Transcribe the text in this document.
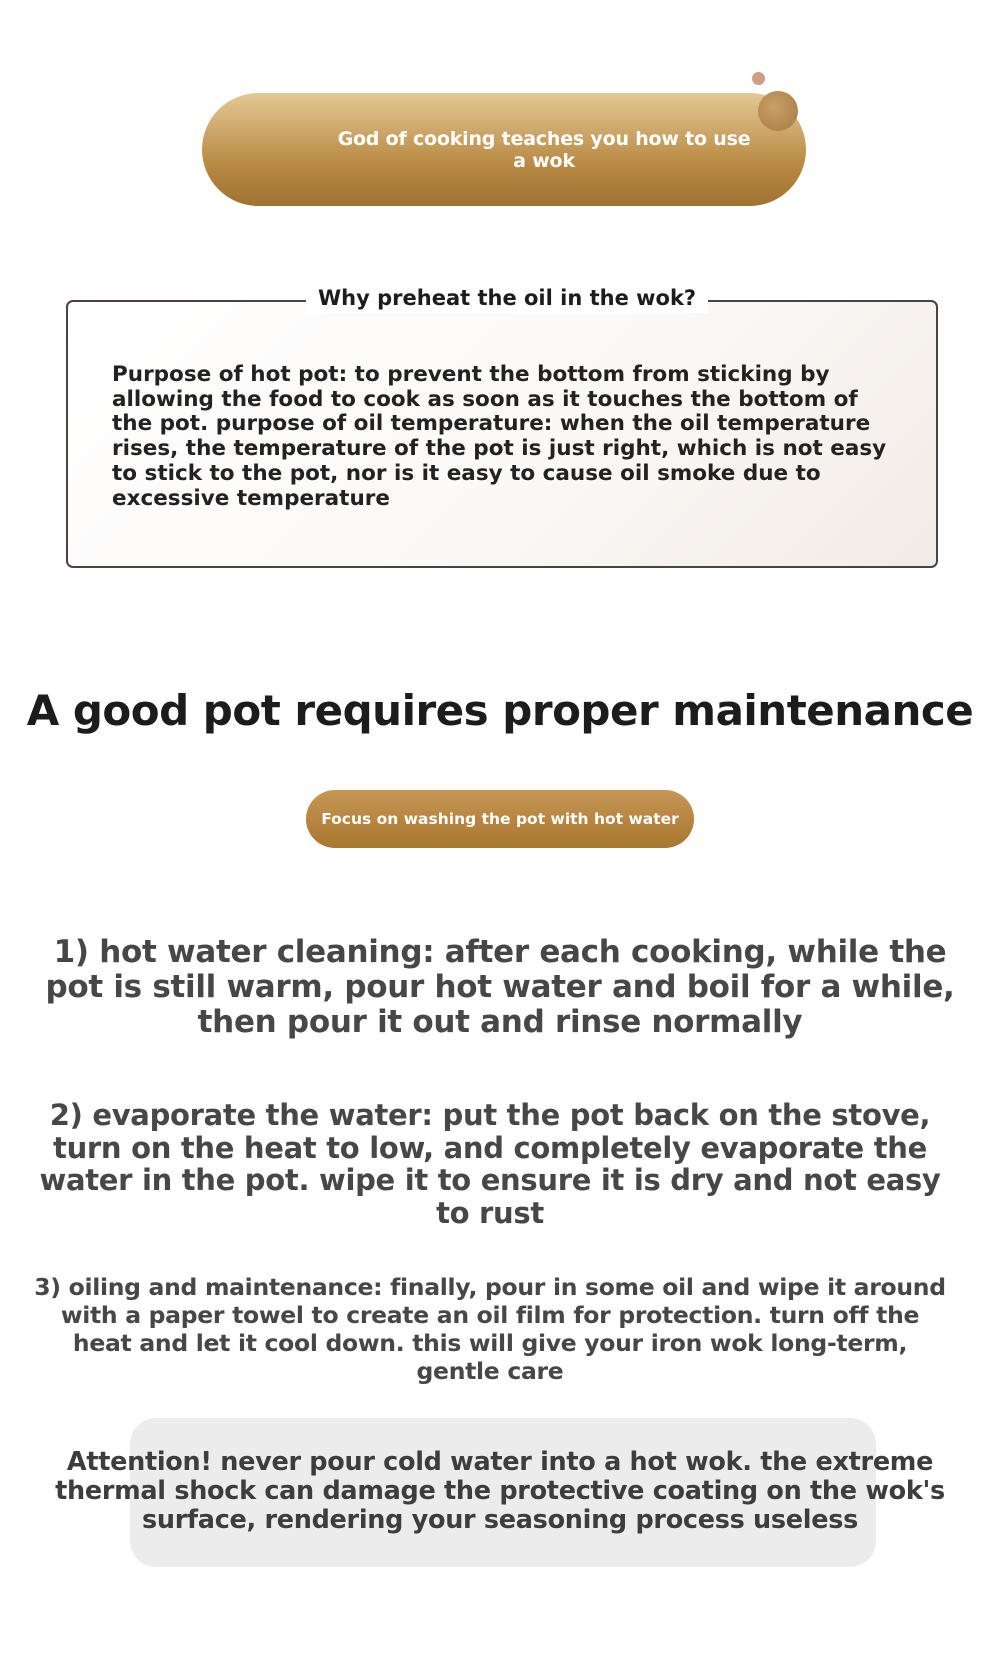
God of cooking teaches you how to use a wok
Why preheat the oil in the wok?
Purpose of hot pot: to prevent the bottom from sticking by allowing the food to cook as soon as it touches the bottom of the pot. purpose of oil temperature: when the oil temperature rises, the temperature of the pot is just right, which is not easy to stick to the pot, nor is it easy to cause oil smoke due to excessive temperature
A good pot requires proper maintenance
Focus on washing the pot with hot water
1) hot water cleaning: after each cooking, while the pot is still warm, pour hot water and boil for a while, then pour it out and rinse normally
2) evaporate the water: put the pot back on the stove, turn on the heat to low, and completely evaporate the water in the pot. wipe it to ensure it is dry and not easy to rust
3) oiling and maintenance: finally, pour in some oil and wipe it around with a paper towel to create an oil film for protection. turn off the heat and let it cool down. this will give your iron wok long-term, gentle care
Attention! never pour cold water into a hot wok. the extreme thermal shock can damage the protective coating on the wok's surface, rendering your seasoning process useless
